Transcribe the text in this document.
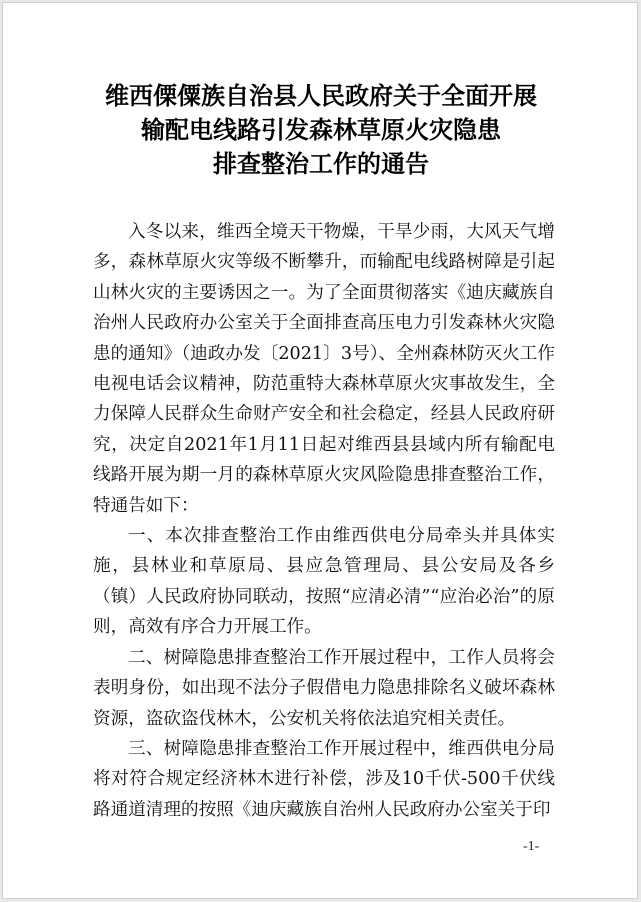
维西傈僳族自治县人民政府关于全面开展
输配电线路引发森林草原火灾隐患
排查整治工作的通告

入冬以来，维西全境天干物燥，干旱少雨，大风天气增多，森林草原火灾等级不断攀升，而输配电线路树障是引起山林火灾的主要诱因之一。为了全面贯彻落实《迪庆藏族自治州人民政府办公室关于全面排查高压电力引发森林火灾隐患的通知》（迪政办发〔2021〕3号）、全州森林防灭火工作电视电话会议精神，防范重特大森林草原火灾事故发生，全力保障人民群众生命财产安全和社会稳定，经县人民政府研究，决定自2021年1月11日起对维西县县域内所有输配电线路开展为期一月的森林草原火灾风险隐患排查整治工作，特通告如下：

一、本次排查整治工作由维西供电分局牵头并具体实施，县林业和草原局、县应急管理局、县公安局及各乡（镇）人民政府协同联动，按照“应清必清”“应治必治”的原则，高效有序合力开展工作。

二、树障隐患排查整治工作开展过程中，工作人员将会表明身份，如出现不法分子假借电力隐患排除名义破坏森林资源，盗砍盗伐林木，公安机关将依法追究相关责任。

三、树障隐患排查整治工作开展过程中，维西供电分局将对符合规定经济林木进行补偿，涉及10千伏-500千伏线路通道清理的按照《迪庆藏族自治州人民政府办公室关于印

-1-
